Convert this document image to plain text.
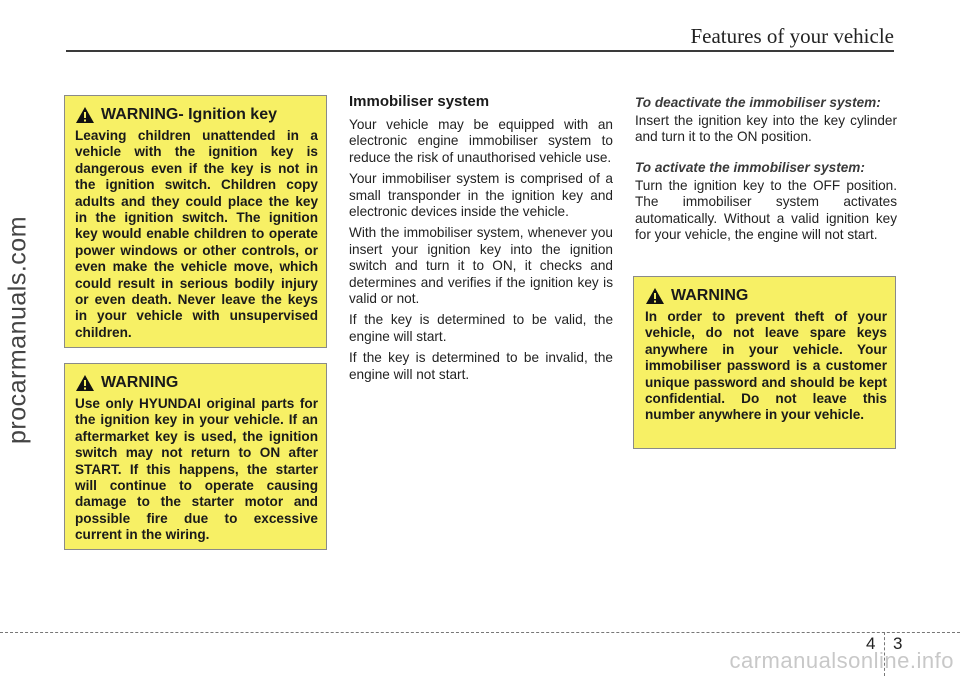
Features of your vehicle
procarmanuals.com
WARNING - Ignition key
Leaving children unattended in a vehicle with the ignition key is dangerous even if the key is not in the ignition switch. Children copy adults and they could place the key in the ignition switch. The ignition key would enable children to operate power windows or other controls, or even make the vehicle move, which could result in serious bodily injury or even death. Never leave the keys in your vehicle with unsupervised children.
WARNING
Use only HYUNDAI original parts for the ignition key in your vehicle. If an aftermarket key is used, the ignition switch may not return to ON after START. If this happens, the starter will continue to operate causing damage to the starter motor and possible fire due to excessive current in the wiring.
Immobiliser system

Your vehicle may be equipped with an electronic engine immobiliser system to reduce the risk of unauthorised vehicle use.

Your immobiliser system is comprised of a small transponder in the ignition key and electronic devices inside the vehicle.

With the immobiliser system, whenever you insert your ignition key into the ignition switch and turn it to ON, it checks and determines and verifies if the ignition key is valid or not.

If the key is determined to be valid, the engine will start.

If the key is determined to be invalid, the engine will not start.

To deactivate the immobiliser system:

Insert the ignition key into the key cylinder and turn it to the ON position.

To activate the immobiliser system:

Turn the ignition key to the OFF position. The immobiliser system activates automatically. Without a valid ignition key for your vehicle, the engine will not start.

WARNING
In order to prevent theft of your vehicle, do not leave spare keys anywhere in your vehicle. Your immobiliser password is a customer unique password and should be kept confidential. Do not leave this number anywhere in your vehicle.
4 3
carmanualsonline.info
